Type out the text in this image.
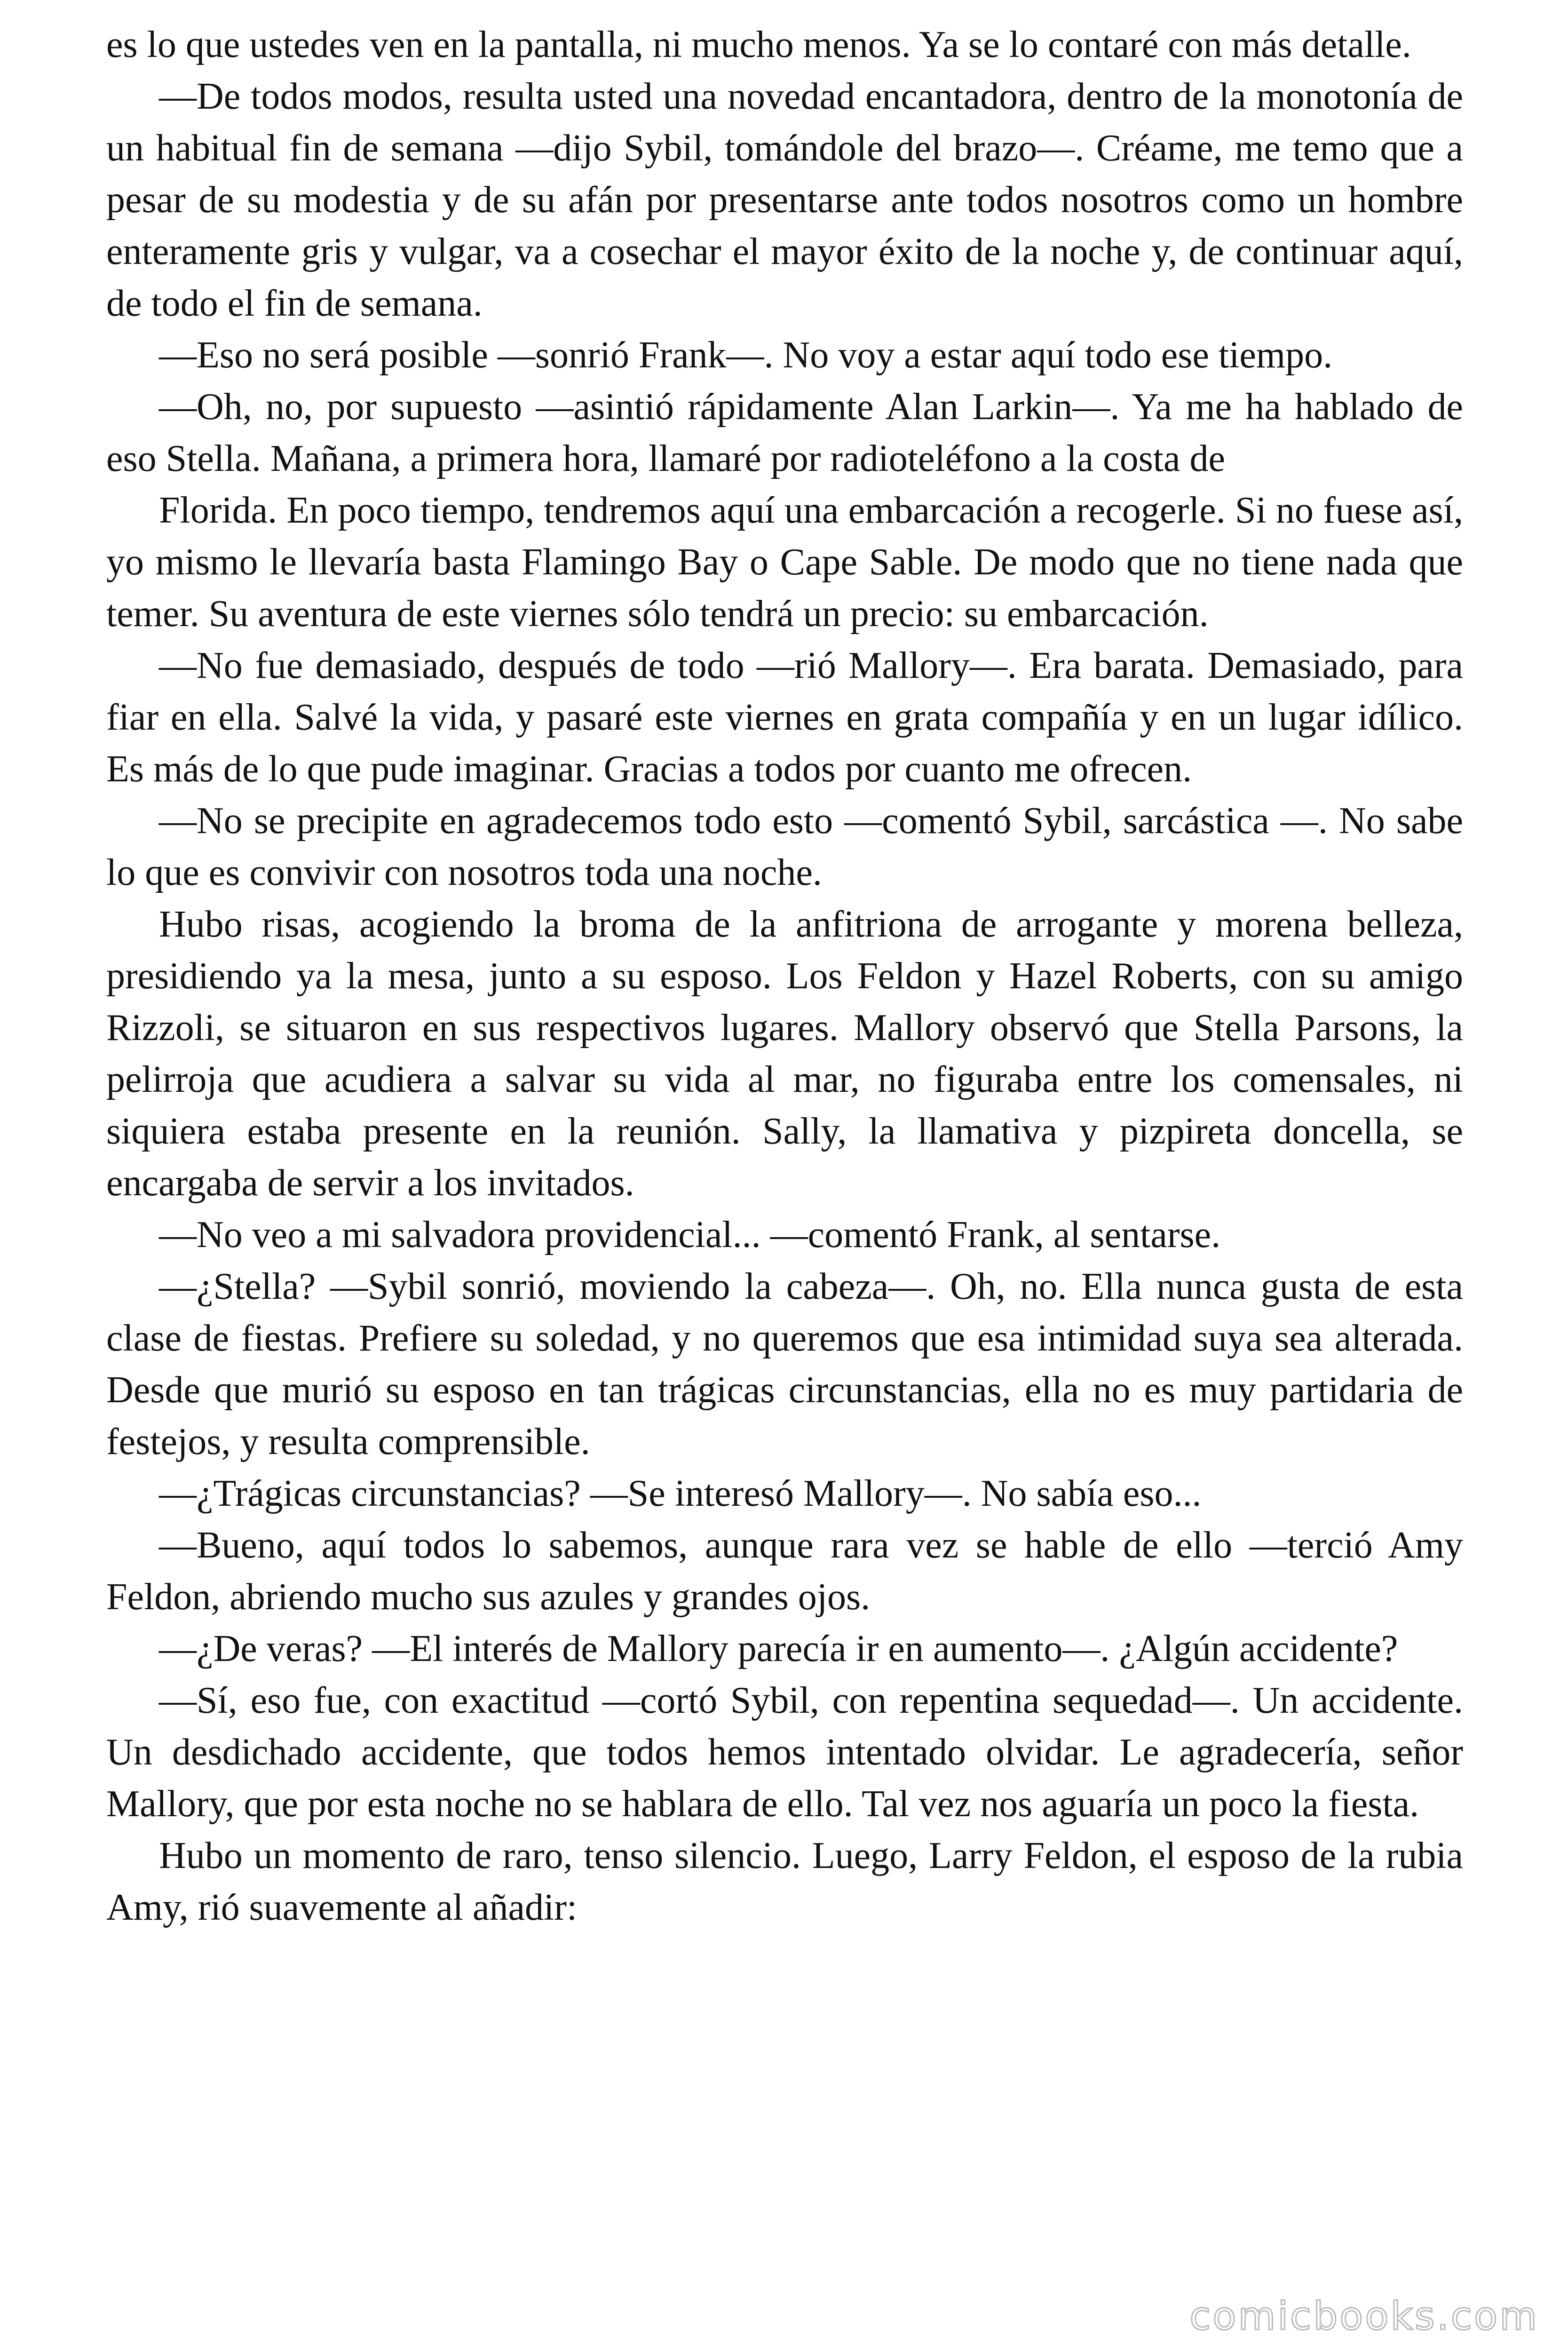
es lo que ustedes ven en la pantalla, ni mucho menos. Ya se lo contaré con más detalle.

—De todos modos, resulta usted una novedad encantadora, dentro de la monotonía de un habitual fin de semana —dijo Sybil, tomándole del brazo—. Créame, me temo que a pesar de su modestia y de su afán por presentarse ante todos nosotros como un hombre enteramente gris y vulgar, va a cosechar el mayor éxito de la noche y, de continuar aquí, de todo el fin de semana.

—Eso no será posible —sonrió Frank—. No voy a estar aquí todo ese tiempo.

—Oh, no, por supuesto —asintió rápidamente Alan Larkin—. Ya me ha hablado de eso Stella. Mañana, a primera hora, llamaré por radioteléfono a la costa de

Florida. En poco tiempo, tendremos aquí una embarcación a recogerle. Si no fuese así, yo mismo le llevaría basta Flamingo Bay o Cape Sable. De modo que no tiene nada que temer. Su aventura de este viernes sólo tendrá un precio: su embarcación.

—No fue demasiado, después de todo —rió Mallory—. Era barata. Demasiado, para fiar en ella. Salvé la vida, y pasaré este viernes en grata compañía y en un lugar idílico. Es más de lo que pude imaginar. Gracias a todos por cuanto me ofrecen.

—No se precipite en agradecemos todo esto —comentó Sybil, sarcástica —. No sabe lo que es convivir con nosotros toda una noche.

Hubo risas, acogiendo la broma de la anfitriona de arrogante y morena belleza, presidiendo ya la mesa, junto a su esposo. Los Feldon y Hazel Roberts, con su amigo Rizzoli, se situaron en sus respectivos lugares. Mallory observó que Stella Parsons, la pelirroja que acudiera a salvar su vida al mar, no figuraba entre los comensales, ni siquiera estaba presente en la reunión. Sally, la llamativa y pizpireta doncella, se encargaba de servir a los invitados.

—No veo a mi salvadora providencial... —comentó Frank, al sentarse.

—¿Stella? —Sybil sonrió, moviendo la cabeza—. Oh, no. Ella nunca gusta de esta clase de fiestas. Prefiere su soledad, y no queremos que esa intimidad suya sea alterada. Desde que murió su esposo en tan trágicas circunstancias, ella no es muy partidaria de festejos, y resulta comprensible.

—¿Trágicas circunstancias? —Se interesó Mallory—. No sabía eso...

—Bueno, aquí todos lo sabemos, aunque rara vez se hable de ello —terció Amy Feldon, abriendo mucho sus azules y grandes ojos.

—¿De veras? —El interés de Mallory parecía ir en aumento—. ¿Algún accidente?

—Sí, eso fue, con exactitud —cortó Sybil, con repentina sequedad—. Un accidente. Un desdichado accidente, que todos hemos intentado olvidar. Le agradecería, señor Mallory, que por esta noche no se hablara de ello. Tal vez nos aguaría un poco la fiesta.

Hubo un momento de raro, tenso silencio. Luego, Larry Feldon, el esposo de la rubia Amy, rió suavemente al añadir:

comicbooks.com
